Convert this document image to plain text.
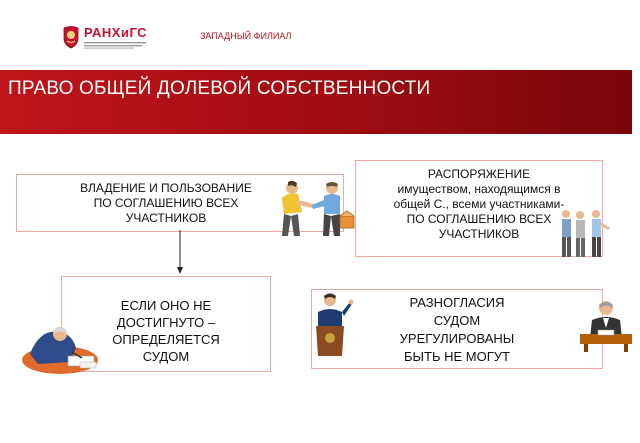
РАНХиГС	ЗАПАДНЫЙ ФИЛИАЛ
ПРАВО ОБЩЕЙ ДОЛЕВОЙ СОБСТВЕННОСТИ
ВЛАДЕНИЕ И ПОЛЬЗОВАНИЕ
ПО СОГЛАШЕНИЮ ВСЕХ
УЧАСТНИКОВ
РАСПОРЯЖЕНИЕ
имуществом, находящимся в
общей С., всеми участниками-
ПО СОГЛАШЕНИЮ ВСЕХ
УЧАСТНИКОВ
ЕСЛИ ОНО НЕ
ДОСТИГНУТО –
ОПРЕДЕЛЯЕТСЯ
СУДОМ
РАЗНОГЛАСИЯ
СУДОМ
УРЕГУЛИРОВАНЫ
БЫТЬ НЕ МОГУТ
